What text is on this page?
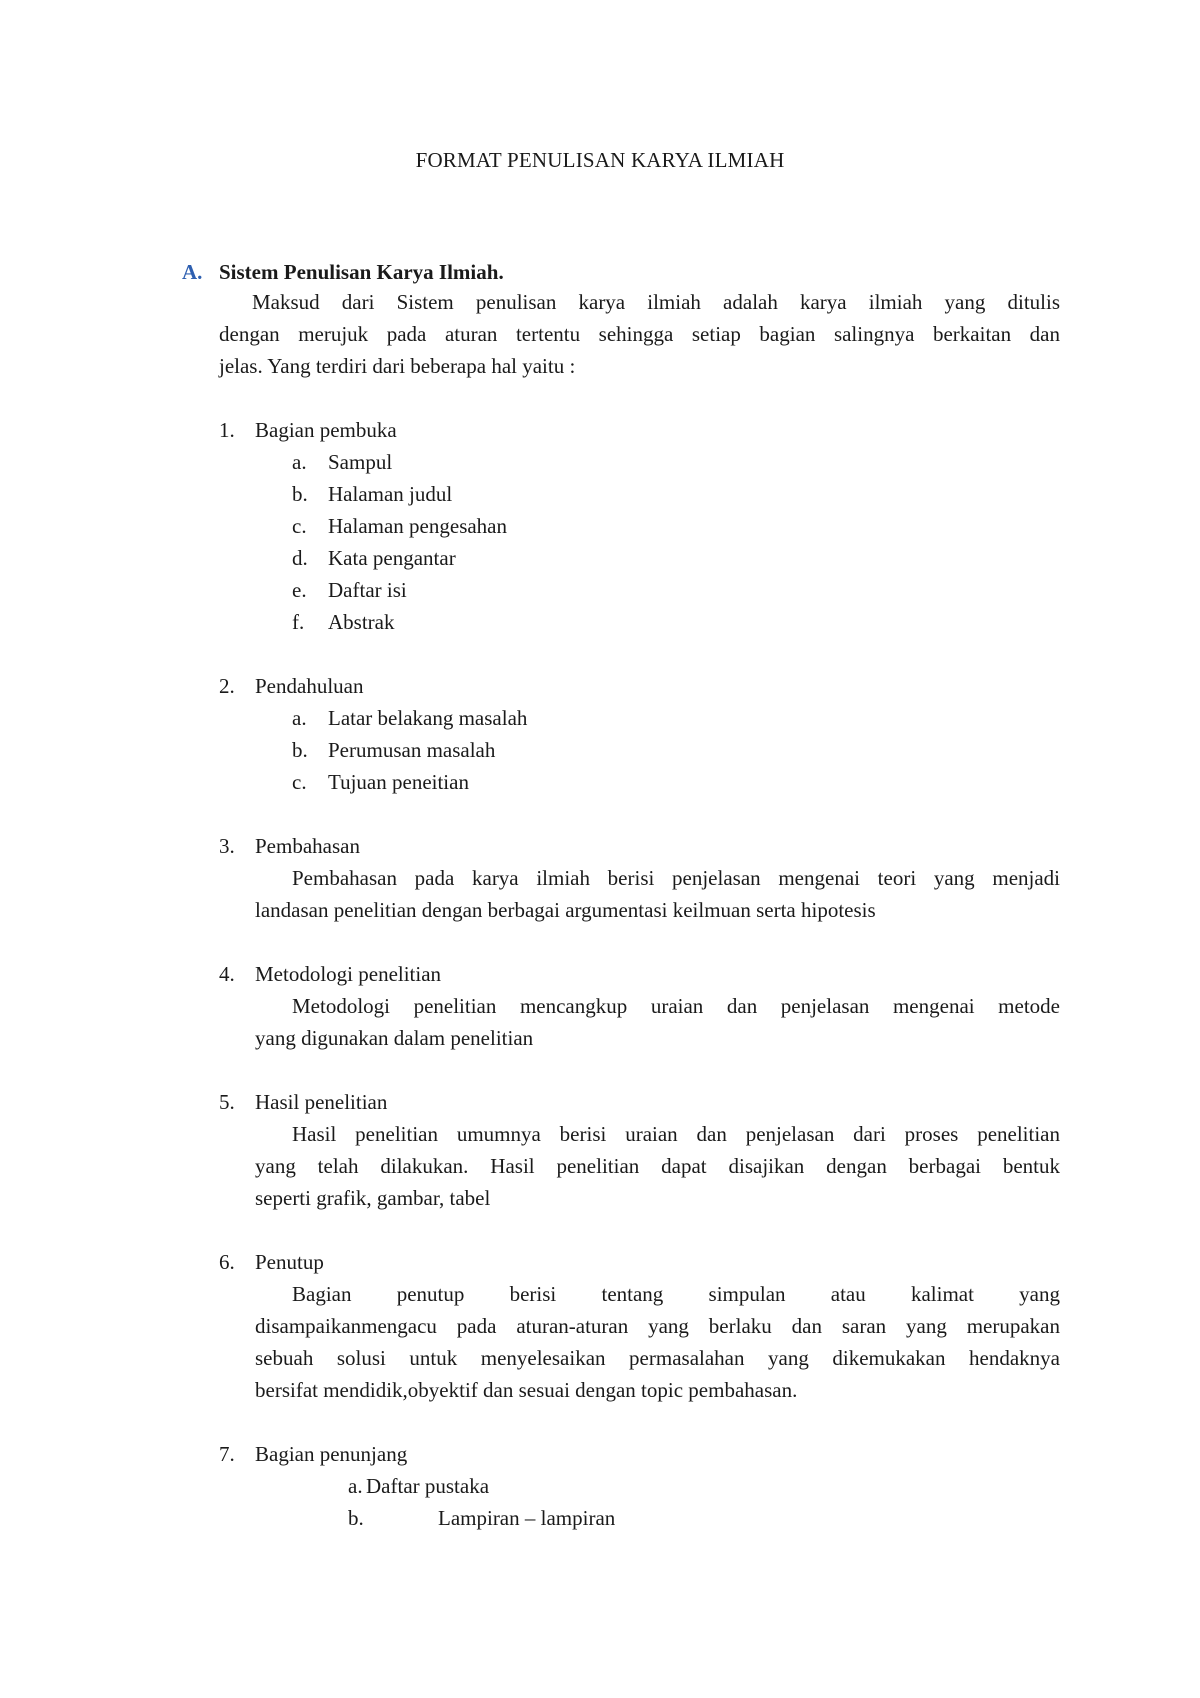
FORMAT PENULISAN KARYA ILMIAH
A. Sistem Penulisan Karya Ilmiah.
Maksud dari Sistem penulisan karya ilmiah adalah karya ilmiah yang ditulis
dengan merujuk pada aturan tertentu sehingga setiap bagian salingnya berkaitan dan
jelas. Yang terdiri dari beberapa hal yaitu :
1. Bagian pembuka
a. Sampul
b. Halaman judul
c. Halaman pengesahan
d. Kata pengantar
e. Daftar isi
f. Abstrak
2. Pendahuluan
a. Latar belakang masalah
b. Perumusan masalah
c. Tujuan peneitian
3. Pembahasan
Pembahasan pada karya ilmiah berisi penjelasan mengenai teori yang menjadi
landasan penelitian dengan berbagai argumentasi keilmuan serta hipotesis
4. Metodologi penelitian
Metodologi penelitian mencangkup uraian dan penjelasan mengenai metode
yang digunakan dalam penelitian
5. Hasil penelitian
Hasil penelitian umumnya berisi uraian dan penjelasan dari proses penelitian
yang telah dilakukan. Hasil penelitian dapat disajikan dengan berbagai bentuk
seperti grafik, gambar, tabel
6. Penutup
Bagian penutup berisi tentang simpulan atau kalimat yang
disampaikanmengacu pada aturan-aturan yang berlaku dan saran yang merupakan
sebuah solusi untuk menyelesaikan permasalahan yang dikemukakan hendaknya
bersifat mendidik,obyektif dan sesuai dengan topic pembahasan.
7. Bagian penunjang
a. Daftar pustaka
b.	Lampiran – lampiran
